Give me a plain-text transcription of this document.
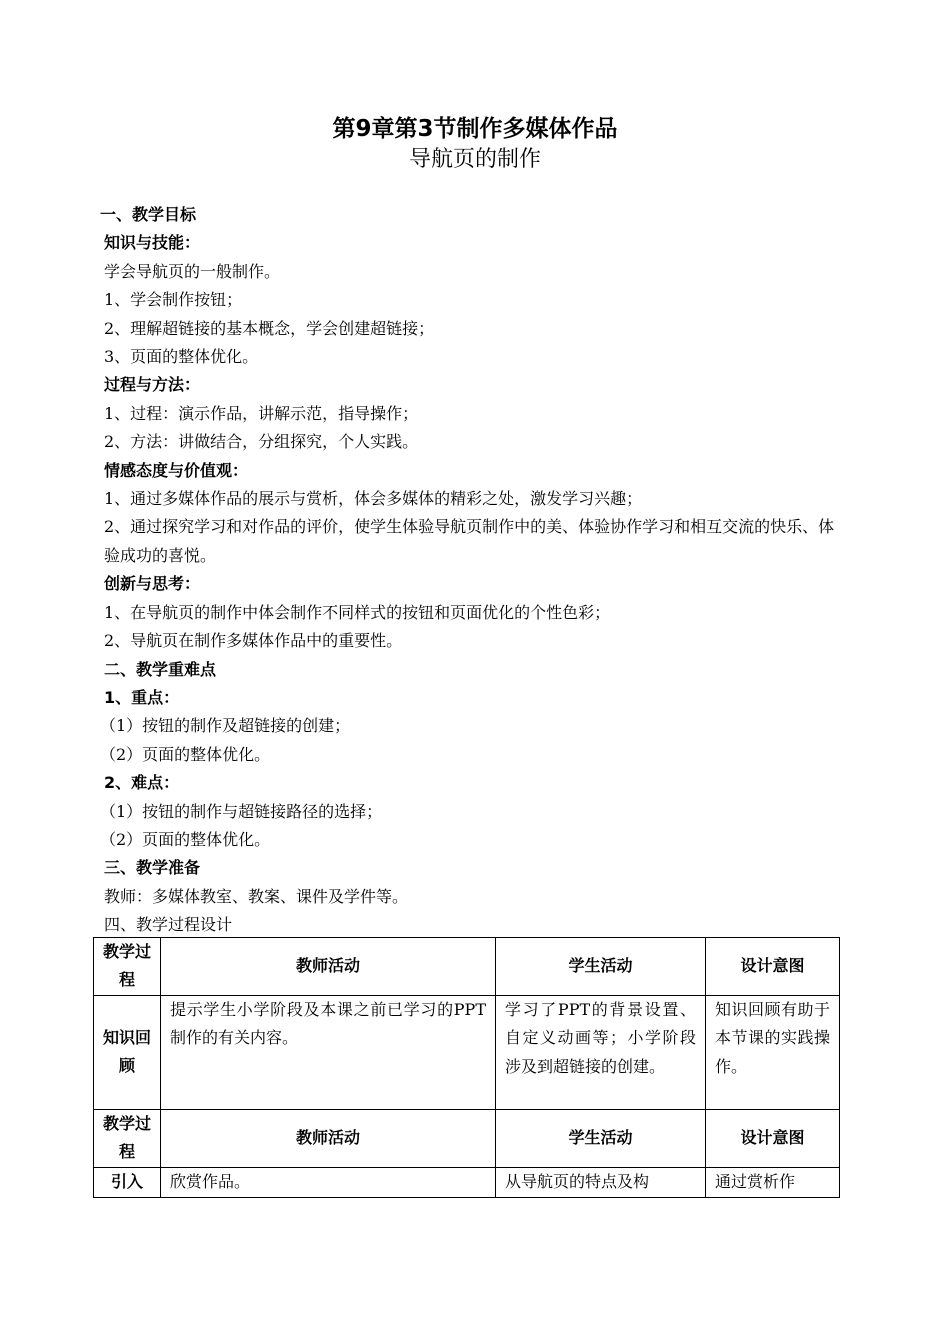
第9章第3节制作多媒体作品
导航页的制作

一、教学目标

知识与技能：

学会导航页的一般制作。

1、学会制作按钮；

2、理解超链接的基本概念，学会创建超链接；

3、页面的整体优化。

过程与方法：

1、过程：演示作品，讲解示范，指导操作；

2、方法：讲做结合，分组探究，个人实践。

情感态度与价值观：

1、通过多媒体作品的展示与赏析，体会多媒体的精彩之处，激发学习兴趣；

2、通过探究学习和对作品的评价，使学生体验导航页制作中的美、体验协作学习和相互交流的快乐、体验成功的喜悦。

创新与思考：

1、在导航页的制作中体会制作不同样式的按钮和页面优化的个性色彩；

2、导航页在制作多媒体作品中的重要性。

二、教学重难点

1、重点：

（1）按钮的制作及超链接的创建；

（2）页面的整体优化。

2、难点：

（1）按钮的制作与超链接路径的选择；

（2）页面的整体优化。

三、教学准备

教师：多媒体教室、教案、课件及学件等。

四、教学过程设计

教学过程	教师活动	学生活动	设计意图
知识回顾	提示学生小学阶段及本课之前已学习的PPT制作的有关内容。	学习了PPT的背景设置、自定义动画等；小学阶段涉及到超链接的创建。	知识回顾有助于本节课的实践操作。
教学过程	教师活动	学生活动	设计意图
引入	欣赏作品。	从导航页的特点及构	通过赏析作
